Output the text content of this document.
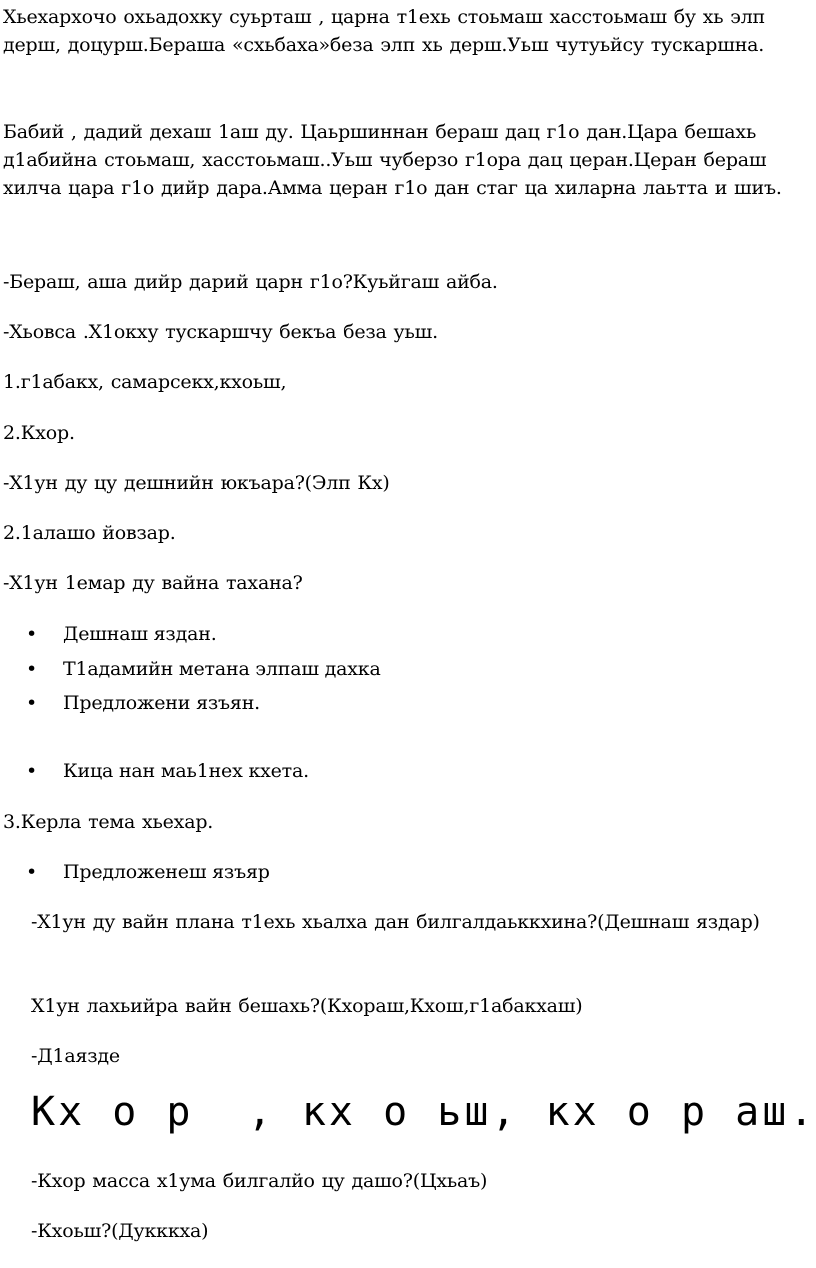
Хьехархочо охьадохку суьрташ , царна т1ехь стоьмаш хасстоьмаш бу хь элп дерш, доцурш.Бераша «схьбаха»беза элп хь дерш.Уьш чутуьйсу тускаршна.
Бабий , дадий дехаш 1аш ду. Цаьршиннан бераш дац г1о дан.Цара бешахь д1абийна стоьмаш, хасстоьмаш..Уьш чуберзо г1ора дац церан.Церан бераш хилча цара г1о дийр дара.Амма церан г1о дан стаг ца хиларна лаьтта и шиъ.
-Бераш, аша дийр дарий царн г1о?Куьйгаш айба.
-Хьовса .Х1окху тускаршчу бекъа беза уьш.
1.г1абакх, самарсекх,кхоьш,
2.Кхор.
-Х1ун ду цу дешнийн юкъара?(Элп Кх)
2.1алашо йовзар.
-Х1ун 1емар ду вайна тахана?
• Дешнаш яздан.
• Т1адамийн метана элпаш дахка
• Предложени язъян.
• Кица нан маь1нех кхета.
3.Керла тема хьехар.
• Предложенеш язъяр
-Х1ун ду вайн плана т1ехь хьалха дан билгалдаьккхина?(Дешнаш яздар)
Х1ун лахьийра вайн бешахь?(Кхораш,Кхош,г1абакхаш)
-Д1аязде
Кх о р  , кх о ьш, кх о р аш.
-Кхор масса х1ума билгалйо цу дашо?(Цхьаъ)
-Кхоьш?(Дукккха)
